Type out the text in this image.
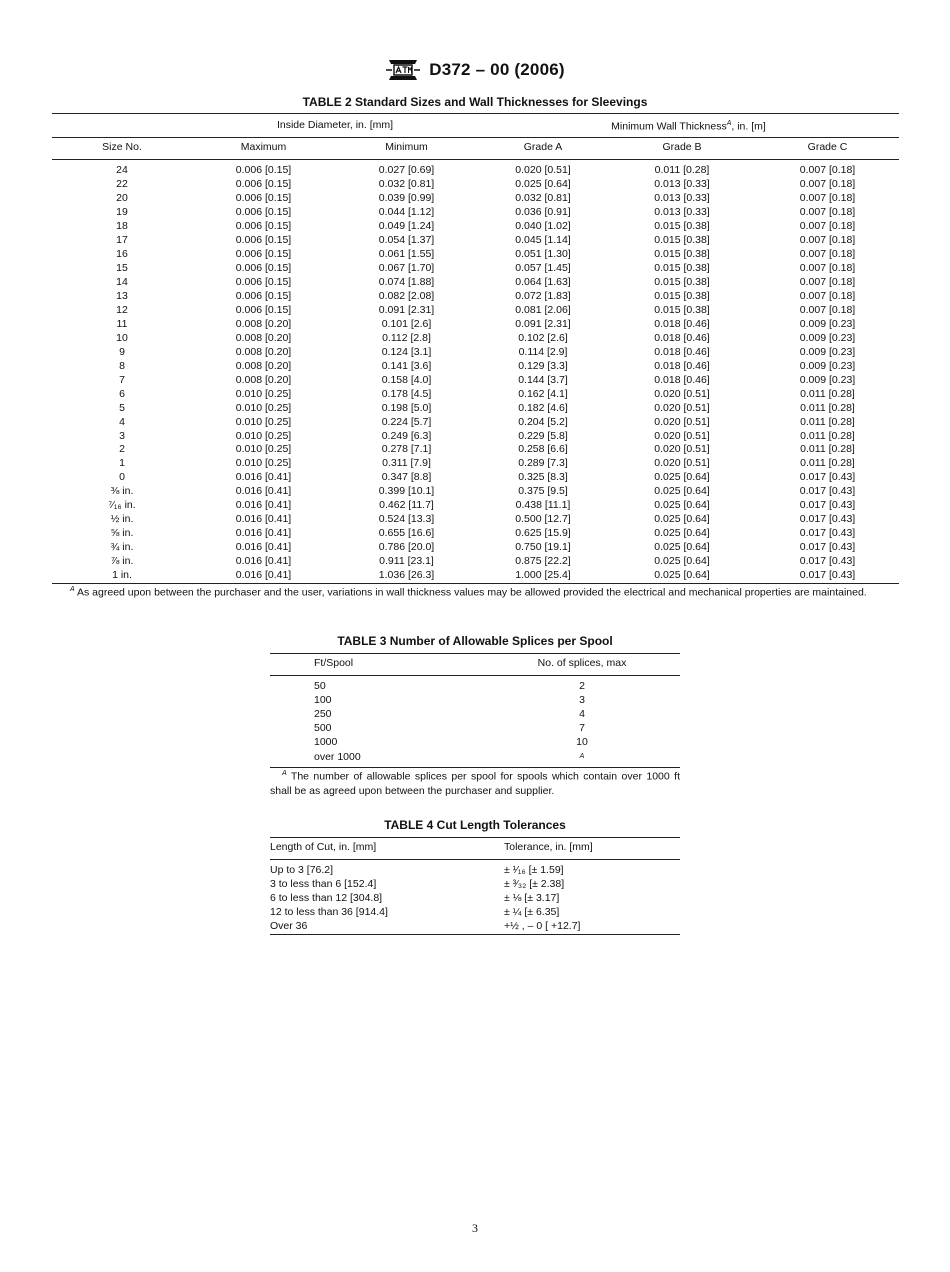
D372 – 00 (2006)
TABLE 2 Standard Sizes and Wall Thicknesses for Sleevings
Inside Diameter, in. [mm]			Minimum Wall Thickness$^A$, in. [m]		
Size No.	Maximum	Minimum	Grade A	Grade B	Grade C
24	0.006 [0.15]	0.027 [0.69]	0.020 [0.51]	0.011 [0.28]	0.007 [0.18]
22	0.006 [0.15]	0.032 [0.81]	0.025 [0.64]	0.013 [0.33]	0.007 [0.18]
20	0.006 [0.15]	0.039 [0.99]	0.032 [0.81]	0.013 [0.33]	0.007 [0.18]
19	0.006 [0.15]	0.044 [1.12]	0.036 [0.91]	0.013 [0.33]	0.007 [0.18]
18	0.006 [0.15]	0.049 [1.24]	0.040 [1.02]	0.015 [0.38]	0.007 [0.18]
17	0.006 [0.15]	0.054 [1.37]	0.045 [1.14]	0.015 [0.38]	0.007 [0.18]
16	0.006 [0.15]	0.061 [1.55]	0.051 [1.30]	0.015 [0.38]	0.007 [0.18]
15	0.006 [0.15]	0.067 [1.70]	0.057 [1.45]	0.015 [0.38]	0.007 [0.18]
14	0.006 [0.15]	0.074 [1.88]	0.064 [1.63]	0.015 [0.38]	0.007 [0.18]
13	0.006 [0.15]	0.082 [2.08]	0.072 [1.83]	0.015 [0.38]	0.007 [0.18]
12	0.006 [0.15]	0.091 [2.31]	0.081 [2.06]	0.015 [0.38]	0.007 [0.18]
11	0.008 [0.20]	0.101 [2.6]	0.091 [2.31]	0.018 [0.46]	0.009 [0.23]
10	0.008 [0.20]	0.112 [2.8]	0.102 [2.6]	0.018 [0.46]	0.009 [0.23]
9	0.008 [0.20]	0.124 [3.1]	0.114 [2.9]	0.018 [0.46]	0.009 [0.23]
8	0.008 [0.20]	0.141 [3.6]	0.129 [3.3]	0.018 [0.46]	0.009 [0.23]
7	0.008 [0.20]	0.158 [4.0]	0.144 [3.7]	0.018 [0.46]	0.009 [0.23]
6	0.010 [0.25]	0.178 [4.5]	0.162 [4.1]	0.020 [0.51]	0.011 [0.28]
5	0.010 [0.25]	0.198 [5.0]	0.182 [4.6]	0.020 [0.51]	0.011 [0.28]
4	0.010 [0.25]	0.224 [5.7]	0.204 [5.2]	0.020 [0.51]	0.011 [0.28]
3	0.010 [0.25]	0.249 [6.3]	0.229 [5.8]	0.020 [0.51]	0.011 [0.28]
2	0.010 [0.25]	0.278 [7.1]	0.258 [6.6]	0.020 [0.51]	0.011 [0.28]
1	0.010 [0.25]	0.311 [7.9]	0.289 [7.3]	0.020 [0.51]	0.011 [0.28]
0	0.016 [0.41]	0.347 [8.8]	0.325 [8.3]	0.025 [0.64]	0.017 [0.43]
⅜ in.	0.016 [0.41]	0.399 [10.1]	0.375 [9.5]	0.025 [0.64]	0.017 [0.43]
⁷⁄₁₆ in.	0.016 [0.41]	0.462 [11.7]	0.438 [11.1]	0.025 [0.64]	0.017 [0.43]
½ in.	0.016 [0.41]	0.524 [13.3]	0.500 [12.7]	0.025 [0.64]	0.017 [0.43]
⅝ in.	0.016 [0.41]	0.655 [16.6]	0.625 [15.9]	0.025 [0.64]	0.017 [0.43]
¾ in.	0.016 [0.41]	0.786 [20.0]	0.750 [19.1]	0.025 [0.64]	0.017 [0.43]
⅞ in.	0.016 [0.41]	0.911 [23.1]	0.875 [22.2]	0.025 [0.64]	0.017 [0.43]
1 in.	0.016 [0.41]	1.036 [26.3]	1.000 [25.4]	0.025 [0.64]	0.017 [0.43]
$^A$ As agreed upon between the purchaser and the user, variations in wall thickness values may be allowed provided the electrical and mechanical properties are maintained.
TABLE 3 Number of Allowable Splices per Spool
Ft/Spool	No. of splices, max
50	2
100	3
250	4
500	7
1000	10
over 1000	$^A$
$^A$ The number of allowable splices per spool for spools which contain over 1000 ft shall be as agreed upon between the purchaser and supplier.
TABLE 4 Cut Length Tolerances
Length of Cut, in. [mm]	Tolerance, in. [mm]
Up to 3 [76.2]	± ¹⁄₁₆ [± 1.59]
3 to less than 6 [152.4]	± ³⁄₃₂ [± 2.38]
6 to less than 12 [304.8]	± ⅛ [± 3.17]
12 to less than 36 [914.4]	± ¼ [± 6.35]
Over 36	+½ , – 0 [ +12.7]
3
